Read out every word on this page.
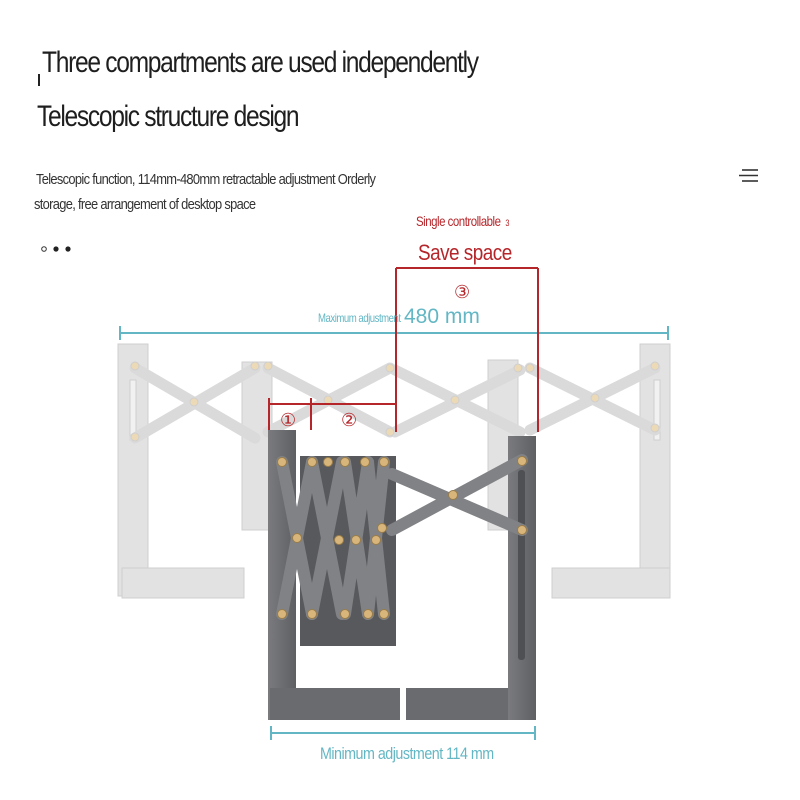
Three compartments are used independently
Telescopic structure design
Telescopic function, 114mm-480mm retractable adjustment Orderly
storage, free arrangement of desktop space
Single controllable 3
Save space
③
① ②
Maximum adjustment 480 mm
Minimum adjustment 114 mm
